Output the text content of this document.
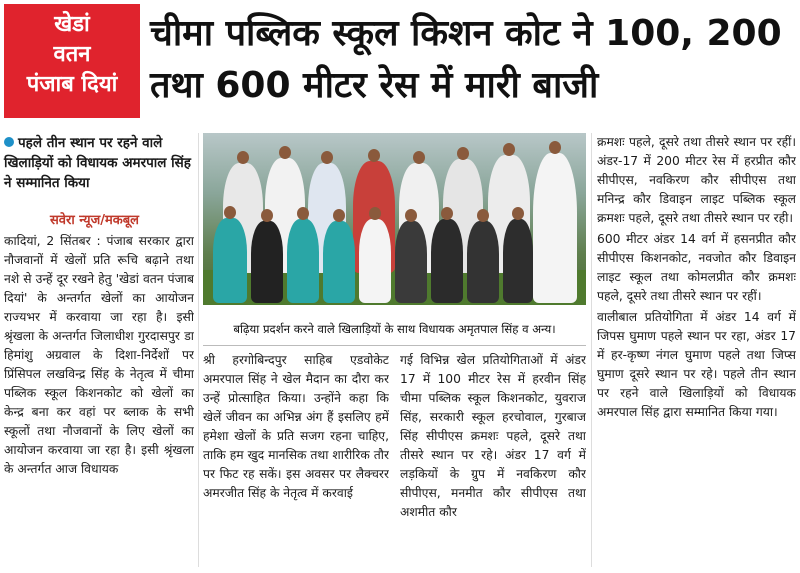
खेडां
वतन
पंजाब दियां
चीमा पब्लिक स्कूल किशन कोट ने 100, 200 तथा 600 मीटर रेस में मारी बाजी
पहले तीन स्थान पर रहने वाले खिलाड़ियों को विधायक अमरपाल सिंह ने सम्मानित किया
सवेरा न्यूज/मकबूल
बढ़िया प्रदर्शन करने वाले खिलाड़ियों के साथ विधायक अमृतपाल सिंह व अन्य।
कादियां, 2 सिंतबर : पंजाब सरकार द्वारा नौजवानों में खेलों प्रति रूचि बढ़ाने तथा नशे से उन्हें दूर रखने हेतु 'खेडां वतन पंजाब दियां' के अन्तर्गत खेलों का आयोजन राज्यभर में करवाया जा रहा है। इसी श्रृंखला के अन्तर्गत जिलाधीश गुरदासपुर डा हिमांशु अग्रवाल के दिशा-निर्देशों पर प्रिंसिपल लखविन्द्र सिंह के नेतृत्व में चीमा पब्लिक स्कूल किशनकोट को खेलों का केन्द्र बना कर वहां पर ब्लाक के सभी स्कूलों तथा नौजवानों के लिए खेलों का आयोजन करवाया जा रहा है। इसी श्रृंखला के अन्तर्गत आज विधायक
श्री हरगोबिन्दपुर साहिब एडवोकेट अमरपाल सिंह ने खेल मैदान का दौरा कर उन्हें प्रोत्साहित किया। उन्होंने कहा कि खेलें जीवन का अभिन्न अंग हैं इसलिए हमें हमेशा खेलों के प्रति सजग रहना चाहिए, ताकि हम खुद मानसिक तथा शारीरिक तौर पर फिट रह सकें। इस अवसर पर लैक्चरर अमरजीत सिंह के नेतृत्व में करवाई
गई विभिन्न खेल प्रतियोगिताओं में अंडर 17 में 100 मीटर रेस में हरवीन सिंह चीमा पब्लिक स्कूल किशनकोट, युवराज सिंह, सरकारी स्कूल हरचोवाल, गुरबाज सिंह सीपीएस क्रमशः पहले, दूसरे तथा तीसरे स्थान पर रहे। अंडर 17 वर्ग में लड़कियों के ग्रुप में नवकिरण कौर सीपीएस, मनमीत कौर सीपीएस तथा अशमीत कौर

क्रमशः पहले, दूसरे तथा तीसरे स्थान पर रहीं। अंडर-17 में 200 मीटर रेस में हरप्रीत कौर सीपीएस, नवकिरण कौर सीपीएस तथा मनिन्द्र कौर डिवाइन लाइट पब्लिक स्कूल क्रमशः पहले, दूसरे तथा तीसरे स्थान पर रही।

600 मीटर अंडर 14 वर्ग में हसनप्रीत कौर सीपीएस किशनकोट, नवजोत कौर डिवाइन लाइट स्कूल तथा कोमलप्रीत कौर क्रमशः पहले, दूसरे तथा तीसरे स्थान पर रहीं।

वालीबाल प्रतियोगिता में अंडर 14 वर्ग में जिपस घुमाण पहले स्थान पर रहा, अंडर 17 में हर-कृष्ण नंगल घुमाण पहले तथा जिप्स घुमाण दूसरे स्थान पर रहे। पहले तीन स्थान पर रहने वाले खिलाड़ियों को विधायक अमरपाल सिंह द्वारा सम्मानित किया गया।
